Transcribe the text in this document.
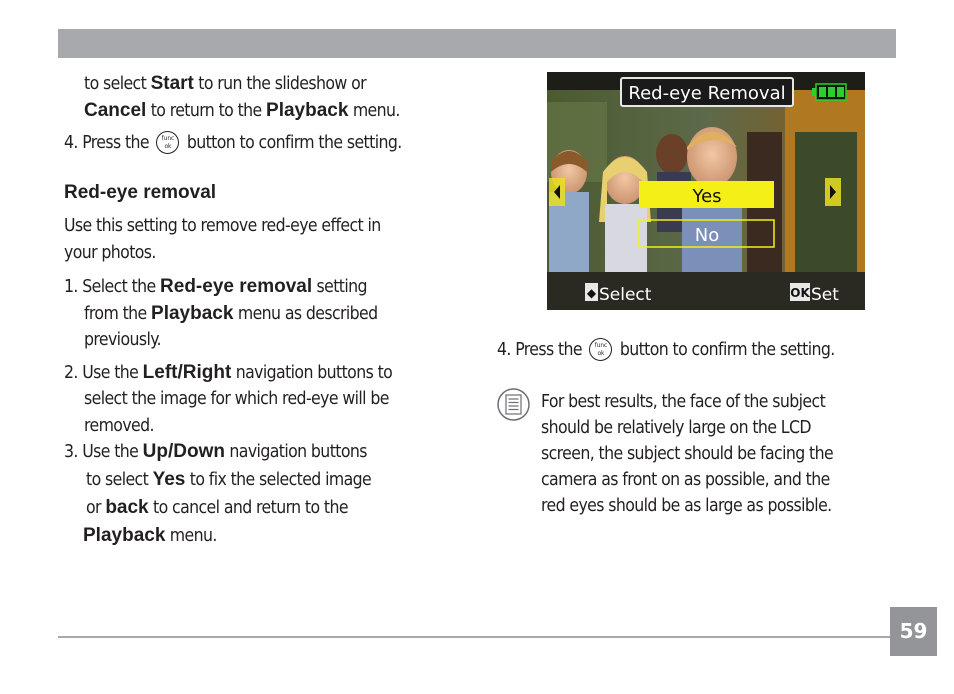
to select Start to run the slideshow or
Cancel to return to the Playback menu.
4. Press the	func
ok button to confirm the setting.
Red-eye removal
Use this setting to remove red-eye effect in
your photos.
1. Select the Red-eye removal setting
from the Playback menu as described
previously.
2. Use the Left/Right navigation buttons to
select the image for which red-eye will be
removed.
3. Use the Up/Down navigation buttons
to select Yes to fix the selected image
or back to cancel and return to the
Playback menu.
Red-eye Removal
Yes
No
◆ Select	OK Set
4. Press the	func
ok button to confirm the setting.
For best results, the face of the subject
should be relatively large on the LCD
screen, the subject should be facing the
camera as front on as possible, and the
red eyes should be as large as possible.
59
